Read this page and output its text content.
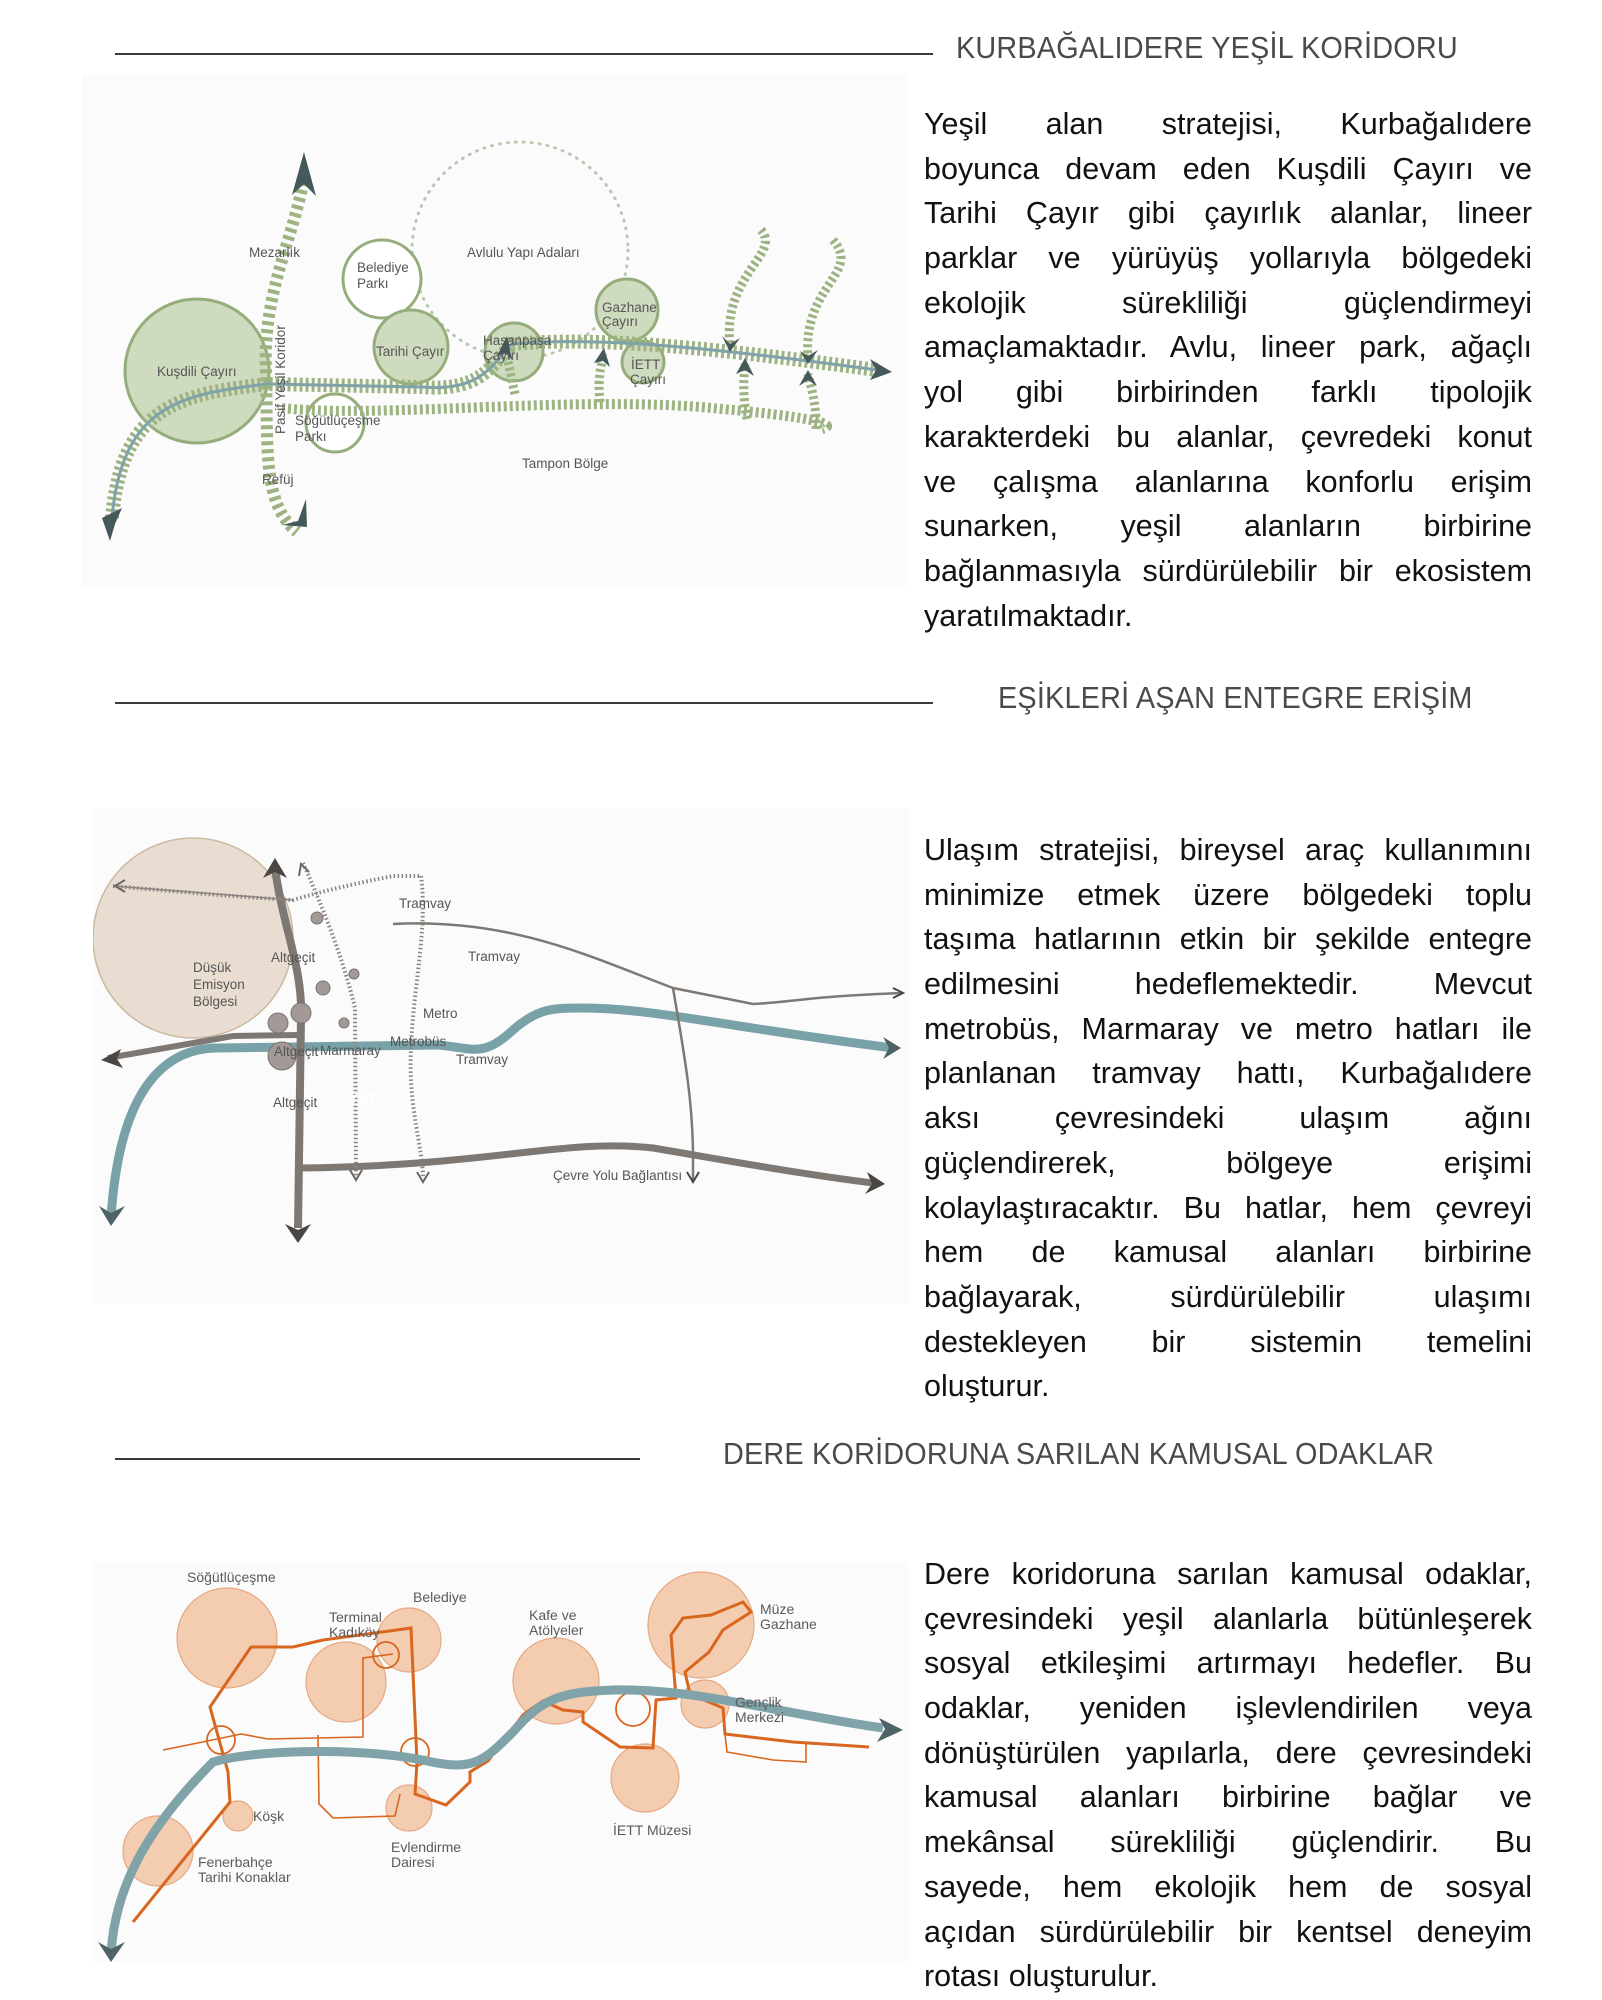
KURBAĞALIDERE YEŞİL KORİDORU
Mezarlık
Belediye
Parkı
Avlulu Yapı Adaları
Gazhane
Çayırı
Kuşdili Çayırı
Tarihi Çayır
Hasanpaşa
Çayırı
İETT
Çayırı
Pasif Yeşil Koridor Söğütlüçeşme
Parkı
Refüj
Tampon Bölge
Yeşil alan stratejisi, Kurbağalıdere
boyunca devam eden Kuşdili Çayırı ve
Tarihi Çayır gibi çayırlık alanlar, lineer
parklar ve yürüyüş yollarıyla bölgedeki
ekolojik sürekliliği güçlendirmeyi
amaçlamaktadır. Avlu, lineer park, ağaçlı
yol gibi birbirinden farklı tipolojik
karakterdeki bu alanlar, çevredeki konut
ve çalışma alanlarına konforlu erişim
sunarken, yeşil alanların birbirine
bağlanmasıyla sürdürülebilir bir ekosistem
yaratılmaktadır.
EŞİKLERİ AŞAN ENTEGRE ERİŞİM
Tramvay
Tramvay
Tramvay
Düşük
Emisyon
Bölgesi
Altgeçit
Altgeçit
Altgeçit
Metro
Metrobüs
Marmaray
YHT
Çevre Yolu Bağlantısı
Ulaşım stratejisi, bireysel araç kullanımını
minimize etmek üzere bölgedeki toplu
taşıma hatlarının etkin bir şekilde entegre
edilmesini hedeflemektedir. Mevcut
metrobüs, Marmaray ve metro hatları ile
planlanan tramvay hattı, Kurbağalıdere
aksı çevresindeki ulaşım ağını
güçlendirerek, bölgeye erişimi
kolaylaştıracaktır. Bu hatlar, hem çevreyi
hem de kamusal alanları birbirine
bağlayarak, sürdürülebilir ulaşımı
destekleyen bir sistemin temelini
oluşturur.
DERE KORİDORUNA SARILAN KAMUSAL ODAKLAR
Söğütlüçeşme
Belediye
Terminal
Kadıköy
Kafe ve
Atölyeler
Müze
Gazhane
Gençlik
Merkezi
Köşk
Evlendirme
Dairesi
İETT Müzesi
Fenerbahçe
Tarihi Konaklar
Dere koridoruna sarılan kamusal odaklar,
çevresindeki yeşil alanlarla bütünleşerek
sosyal etkileşimi artırmayı hedefler. Bu
odaklar, yeniden işlevlendirilen veya
dönüştürülen yapılarla, dere çevresindeki
kamusal alanları birbirine bağlar ve
mekânsal sürekliliği güçlendirir. Bu
sayede, hem ekolojik hem de sosyal
açıdan sürdürülebilir bir kentsel deneyim
rotası oluşturulur.
